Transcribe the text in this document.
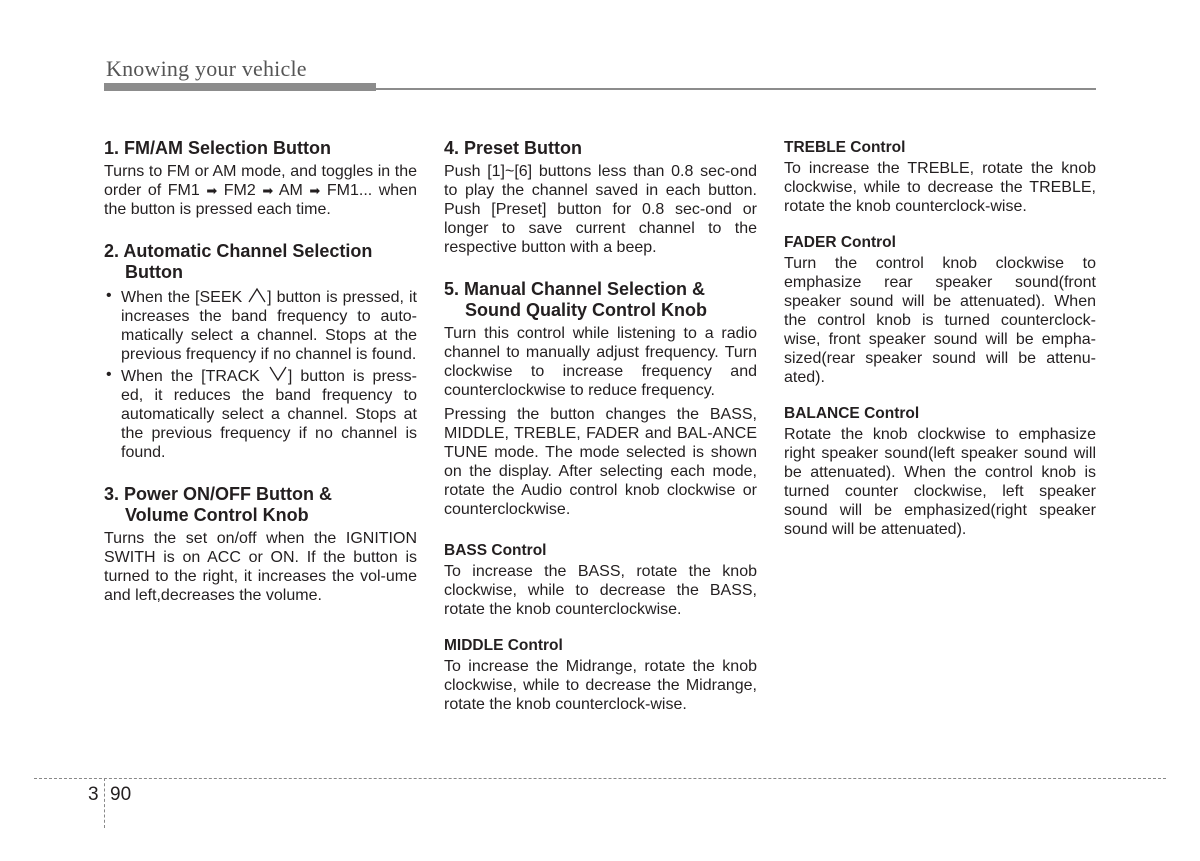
Knowing your vehicle
1. FM/AM Selection Button

Turns to FM or AM mode, and toggles in the order of FM1 ➡ FM2 ➡ AM ➡ FM1... when the button is pressed each time.

2. Automatic Channel Selection
Button
• When the [SEEK ] button is pressed, it increases the band frequency to auto-matically select a channel. Stops at the previous frequency if no channel is found.
• When the [TRACK ] button is press-ed, it reduces the band frequency to automatically select a channel. Stops at the previous frequency if no channel is found.
3. Power ON/OFF Button &
Volume Control Knob

Turns the set on/off when the IGNITION SWITH is on ACC or ON. If the button is turned to the right, it increases the vol-ume and left,decreases the volume.

4. Preset Button

Push [1]~[6] buttons less than 0.8 sec-ond to play the channel saved in each button. Push [Preset] button for 0.8 sec-ond or longer to save current channel to the respective button with a beep.

5. Manual Channel Selection &
Sound Quality Control Knob

Turn this control while listening to a radio channel to manually adjust frequency. Turn clockwise to increase frequency and counterclockwise to reduce frequency.

Pressing the button changes the BASS, MIDDLE, TREBLE, FADER and BAL-ANCE TUNE mode. The mode selected is shown on the display. After selecting each mode, rotate the Audio control knob clockwise or counterclockwise.

BASS Control

To increase the BASS, rotate the knob clockwise, while to decrease the BASS, rotate the knob counterclockwise.

MIDDLE Control

To increase the Midrange, rotate the knob clockwise, while to decrease the Midrange, rotate the knob counterclock-wise.

TREBLE Control

To increase the TREBLE, rotate the knob clockwise, while to decrease the TREBLE, rotate the knob counterclock-wise.

FADER Control

Turn the control knob clockwise to emphasize rear speaker sound(front speaker sound will be attenuated). When the control knob is turned counterclock-wise, front speaker sound will be empha-sized(rear speaker sound will be attenu-ated).

BALANCE Control

Rotate the knob clockwise to emphasize right speaker sound(left speaker sound will be attenuated). When the control knob is turned counter clockwise, left speaker sound will be emphasized(right speaker sound will be attenuated).

3 90
